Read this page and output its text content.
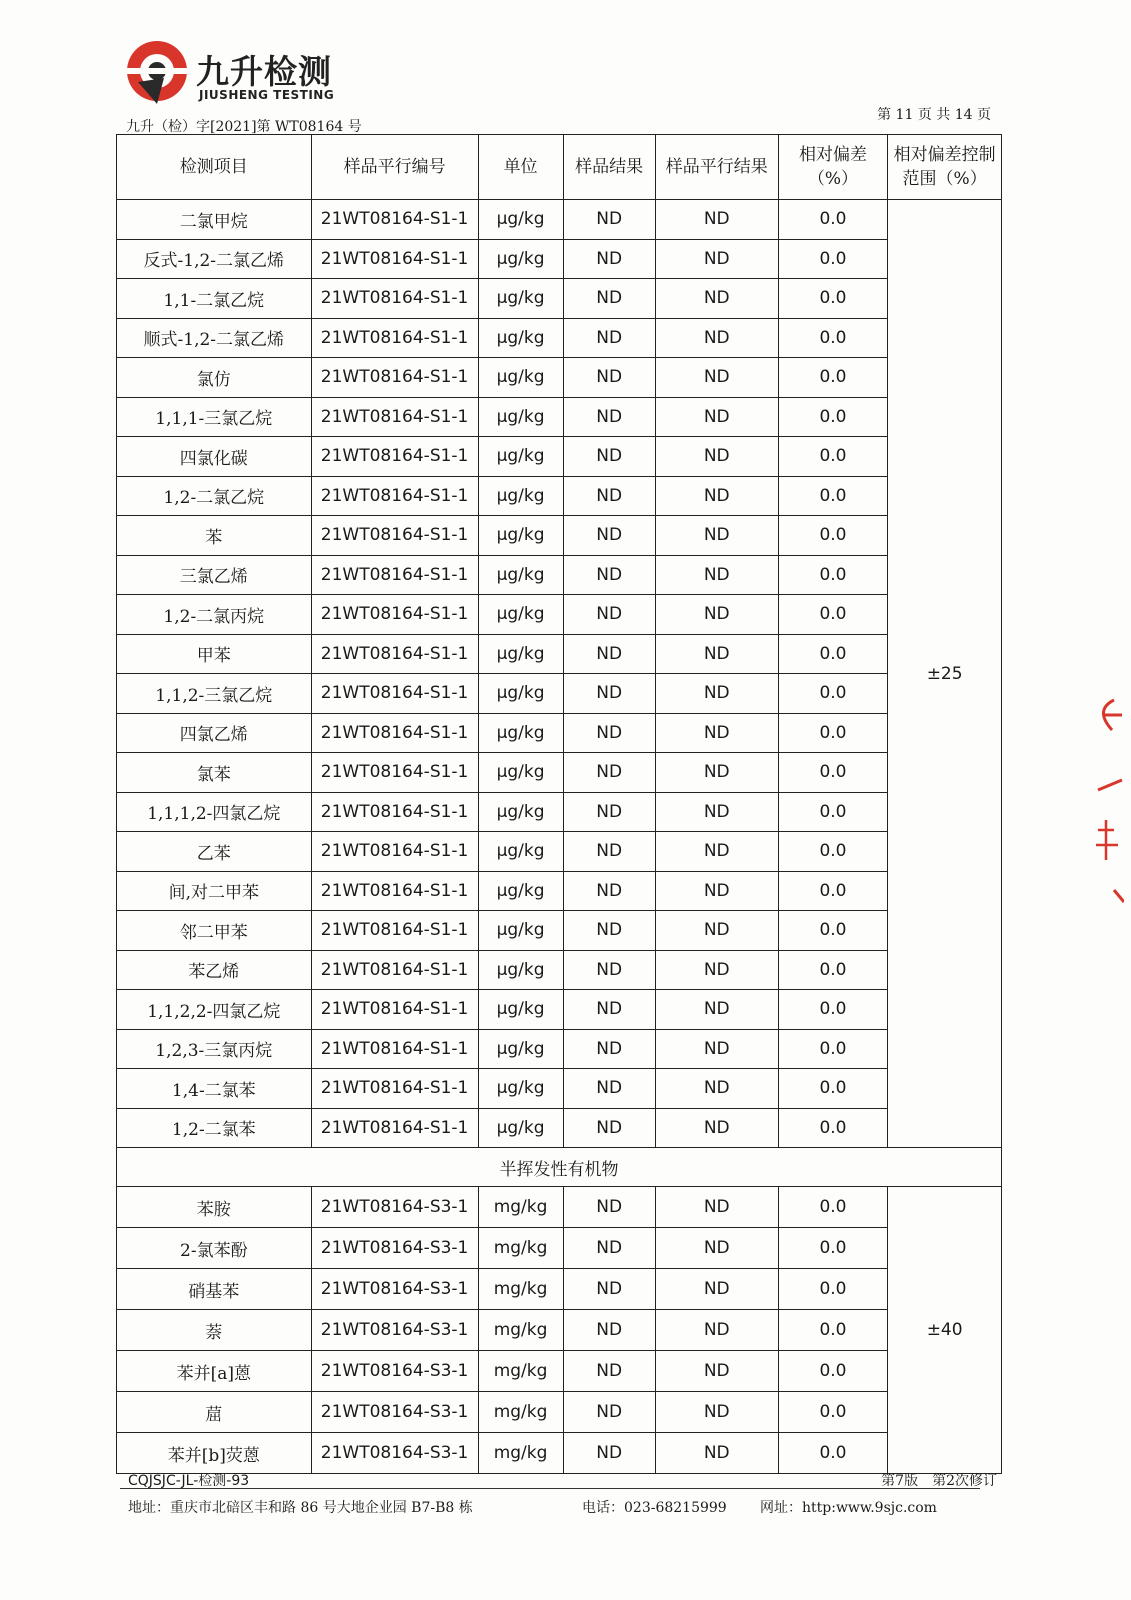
九升检测
JIUSHENG TESTING
第 11 页 共 14 页
九升（检）字[2021]第 WT08164 号
检测项目	样品平行编号	单位	样品结果	样品平行结果	相对偏差（%）	相对偏差控制范围（%）
二氯甲烷	21WT08164-S1-1	μg/kg	ND	ND	0.0	±25
反式-1,2-二氯乙烯	21WT08164-S1-1	μg/kg	ND	ND	0.0	
1,1-二氯乙烷	21WT08164-S1-1	μg/kg	ND	ND	0.0	
顺式-1,2-二氯乙烯	21WT08164-S1-1	μg/kg	ND	ND	0.0	
氯仿	21WT08164-S1-1	μg/kg	ND	ND	0.0	
1,1,1-三氯乙烷	21WT08164-S1-1	μg/kg	ND	ND	0.0	
四氯化碳	21WT08164-S1-1	μg/kg	ND	ND	0.0	
1,2-二氯乙烷	21WT08164-S1-1	μg/kg	ND	ND	0.0	
苯	21WT08164-S1-1	μg/kg	ND	ND	0.0	
三氯乙烯	21WT08164-S1-1	μg/kg	ND	ND	0.0	
1,2-二氯丙烷	21WT08164-S1-1	μg/kg	ND	ND	0.0	
甲苯	21WT08164-S1-1	μg/kg	ND	ND	0.0	
1,1,2-三氯乙烷	21WT08164-S1-1	μg/kg	ND	ND	0.0	
四氯乙烯	21WT08164-S1-1	μg/kg	ND	ND	0.0	
氯苯	21WT08164-S1-1	μg/kg	ND	ND	0.0	
1,1,1,2-四氯乙烷	21WT08164-S1-1	μg/kg	ND	ND	0.0	
乙苯	21WT08164-S1-1	μg/kg	ND	ND	0.0	
间,对二甲苯	21WT08164-S1-1	μg/kg	ND	ND	0.0	
邻二甲苯	21WT08164-S1-1	μg/kg	ND	ND	0.0	
苯乙烯	21WT08164-S1-1	μg/kg	ND	ND	0.0	
1,1,2,2-四氯乙烷	21WT08164-S1-1	μg/kg	ND	ND	0.0	
1,2,3-三氯丙烷	21WT08164-S1-1	μg/kg	ND	ND	0.0	
1,4-二氯苯	21WT08164-S1-1	μg/kg	ND	ND	0.0	
1,2-二氯苯	21WT08164-S1-1	μg/kg	ND	ND	0.0	
半挥发性有机物						
苯胺	21WT08164-S3-1	mg/kg	ND	ND	0.0	±40
2-氯苯酚	21WT08164-S3-1	mg/kg	ND	ND	0.0	
硝基苯	21WT08164-S3-1	mg/kg	ND	ND	0.0	
萘	21WT08164-S3-1	mg/kg	ND	ND	0.0	
苯并[a]蒽	21WT08164-S3-1	mg/kg	ND	ND	0.0	
䓛	21WT08164-S3-1	mg/kg	ND	ND	0.0	
苯并[b]荧蒽	21WT08164-S3-1	mg/kg	ND	ND	0.0	
CQJSJC-JL-检测-93	第7版　第2次修订
地址：重庆市北碚区丰和路 86 号大地企业园 B7-B8 栋	电话：023-68215999 网址：http:www.9sjc.com
